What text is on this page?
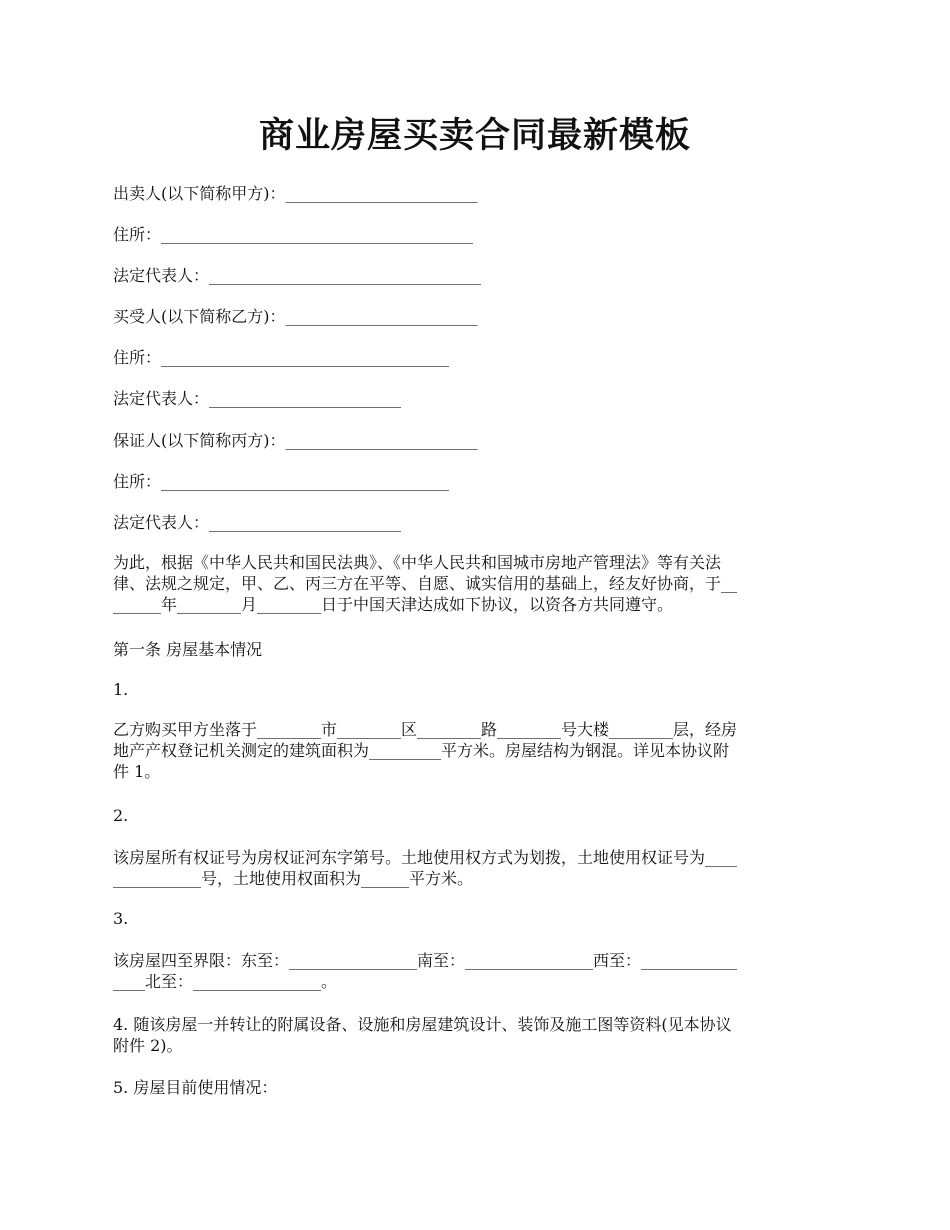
商业房屋买卖合同最新模板

出卖人(以下简称甲方)：________________________

住所：_______________________________________

法定代表人：__________________________________

买受人(以下简称乙方)：________________________

住所：____________________________________

法定代表人：________________________

保证人(以下简称丙方)：________________________

住所：____________________________________

法定代表人：________________________

为此，根据《中华人民共和国民法典》、《中华人民共和国城市房地产管理法》等有关法
律、法规之规定，甲、乙、丙三方在平等、自愿、诚实信用的基础上，经友好协商，于__
______年________月________日于中国天津达成如下协议，以资各方共同遵守。

第一条 房屋基本情况

1.

乙方购买甲方坐落于________市________区________路________号大楼________层，经房
地产产权登记机关测定的建筑面积为_________平方米。房屋结构为钢混。详见本协议附
件 1。

2.

该房屋所有权证号为房权证河东字第号。土地使用权方式为划拨，土地使用权证号为____
___________号，土地使用权面积为______平方米。

3.

该房屋四至界限：东至：________________南至：________________西至：____________
____北至：________________。
4. 随该房屋一并转让的附属设备、设施和房屋建筑设计、装饰及施工图等资料(见本协议
附件 2)。

5. 房屋目前使用情况：
